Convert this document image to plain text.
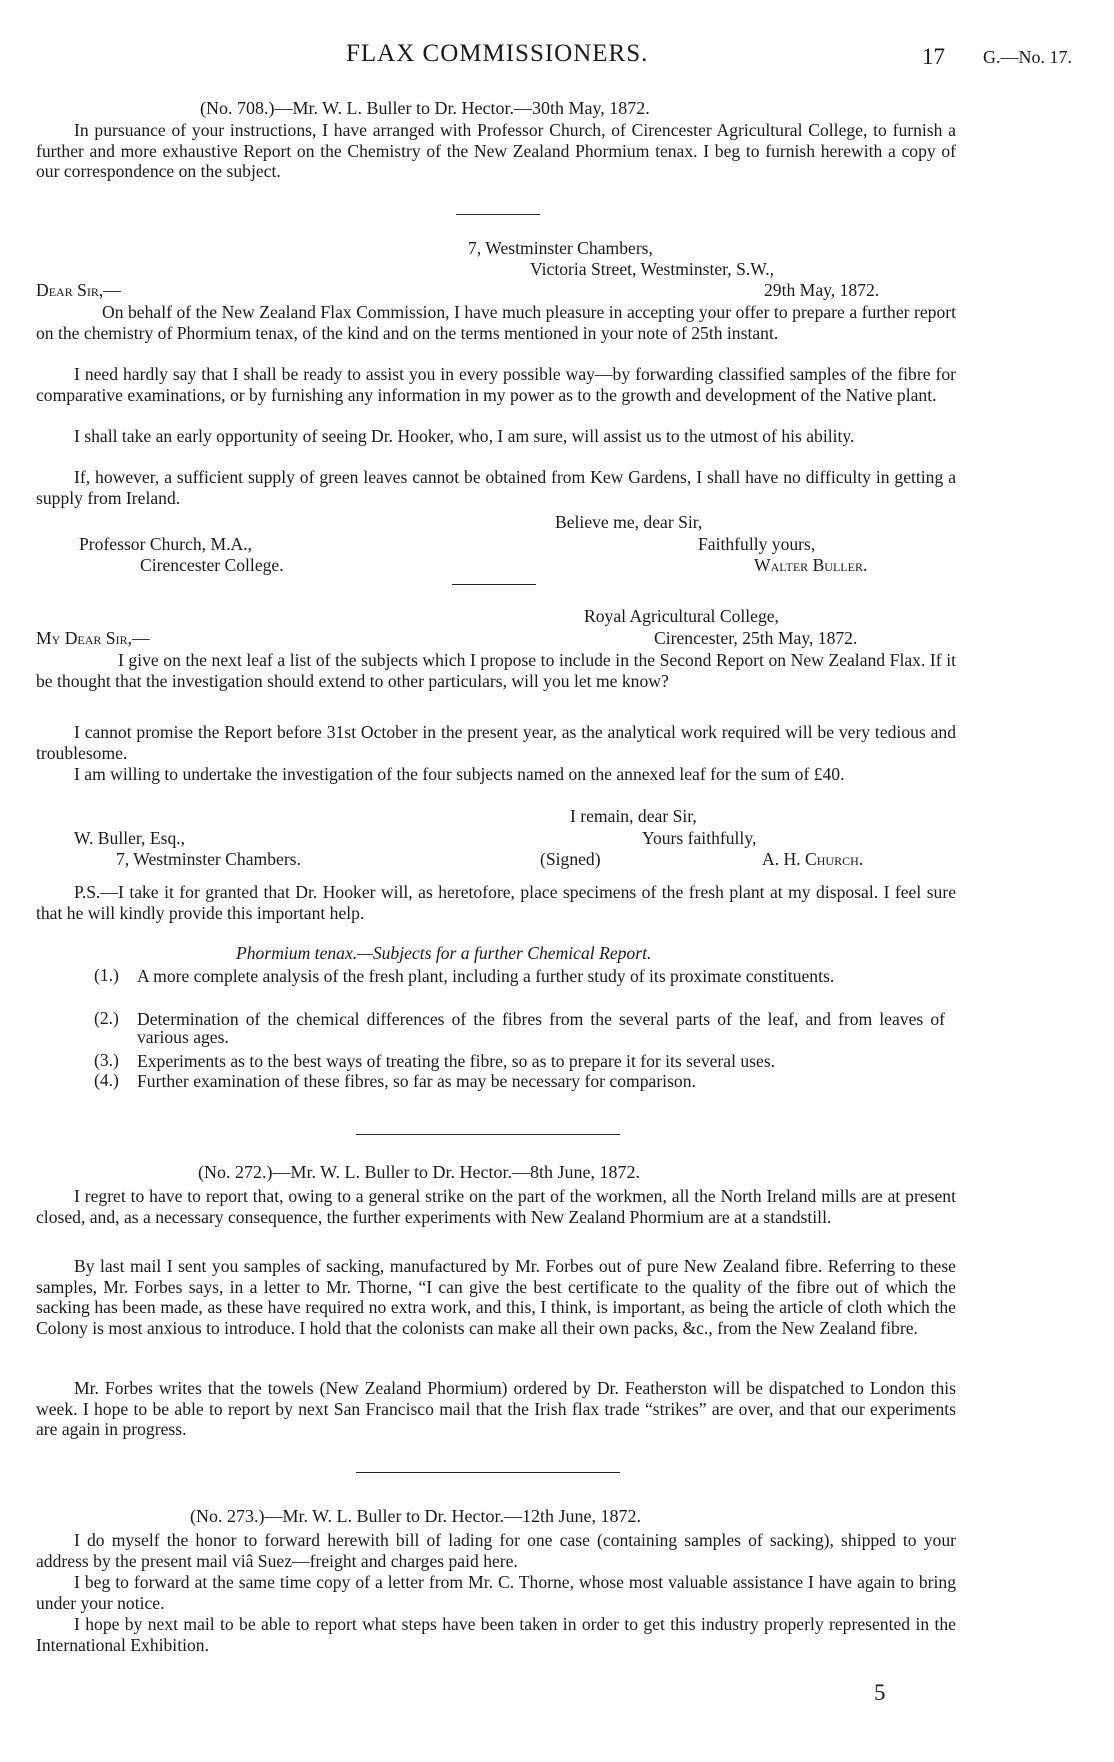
FLAX COMMISSIONERS.	17 G.—No. 17.
(No. 708.)—Mr. W. L. Buller to Dr. Hector.—30th May, 1872.
In pursuance of your instructions, I have arranged with Professor Church, of Cirencester Agricultural College, to furnish a further and more exhaustive Report on the Chemistry of the New Zealand Phormium tenax. I beg to furnish herewith a copy of our correspondence on the subject.
7, Westminster Chambers,
Victoria Street, Westminster, S.W.,
Dear Sir,—	29th May, 1872.
On behalf of the New Zealand Flax Commission, I have much pleasure in accepting your offer to prepare a further report on the chemistry of Phormium tenax, of the kind and on the terms mentioned in your note of 25th instant.
I need hardly say that I shall be ready to assist you in every possible way—by forwarding classified samples of the fibre for comparative examinations, or by furnishing any information in my power as to the growth and development of the Native plant.
I shall take an early opportunity of seeing Dr. Hooker, who, I am sure, will assist us to the utmost of his ability.
If, however, a sufficient supply of green leaves cannot be obtained from Kew Gardens, I shall have no difficulty in getting a supply from Ireland.
Believe me, dear Sir,
Professor Church, M.A.,	Faithfully yours,
Cirencester College.	Walter Buller.
Royal Agricultural College,
My Dear Sir,—	Cirencester, 25th May, 1872.
I give on the next leaf a list of the subjects which I propose to include in the Second Report on New Zealand Flax. If it be thought that the investigation should extend to other particulars, will you let me know?
I cannot promise the Report before 31st October in the present year, as the analytical work required will be very tedious and troublesome.
I am willing to undertake the investigation of the four subjects named on the annexed leaf for the sum of £40.
I remain, dear Sir,
W. Buller, Esq.,	Yours faithfully,
7, Westminster Chambers.	(Signed)	A. H. Church.
P.S.—I take it for granted that Dr. Hooker will, as heretofore, place specimens of the fresh plant at my disposal. I feel sure that he will kindly provide this important help.
Phormium tenax.—Subjects for a further Chemical Report.
(1.) A more complete analysis of the fresh plant, including a further study of its proximate constituents.
(2.) Determination of the chemical differences of the fibres from the several parts of the leaf, and from leaves of various ages.
(3.) Experiments as to the best ways of treating the fibre, so as to prepare it for its several uses.
(4.) Further examination of these fibres, so far as may be necessary for comparison.
(No. 272.)—Mr. W. L. Buller to Dr. Hector.—8th June, 1872.
I regret to have to report that, owing to a general strike on the part of the workmen, all the North Ireland mills are at present closed, and, as a necessary consequence, the further experiments with New Zealand Phormium are at a standstill.
By last mail I sent you samples of sacking, manufactured by Mr. Forbes out of pure New Zealand fibre. Referring to these samples, Mr. Forbes says, in a letter to Mr. Thorne, “I can give the best certificate to the quality of the fibre out of which the sacking has been made, as these have required no extra work, and this, I think, is important, as being the article of cloth which the Colony is most anxious to introduce. I hold that the colonists can make all their own packs, &c., from the New Zealand fibre.
Mr. Forbes writes that the towels (New Zealand Phormium) ordered by Dr. Featherston will be dispatched to London this week. I hope to be able to report by next San Francisco mail that the Irish flax trade “strikes” are over, and that our experiments are again in progress.
(No. 273.)—Mr. W. L. Buller to Dr. Hector.—12th June, 1872.
I do myself the honor to forward herewith bill of lading for one case (containing samples of sacking), shipped to your address by the present mail viâ Suez—freight and charges paid here.
I beg to forward at the same time copy of a letter from Mr. C. Thorne, whose most valuable assistance I have again to bring under your notice.
I hope by next mail to be able to report what steps have been taken in order to get this industry properly represented in the International Exhibition.
5
